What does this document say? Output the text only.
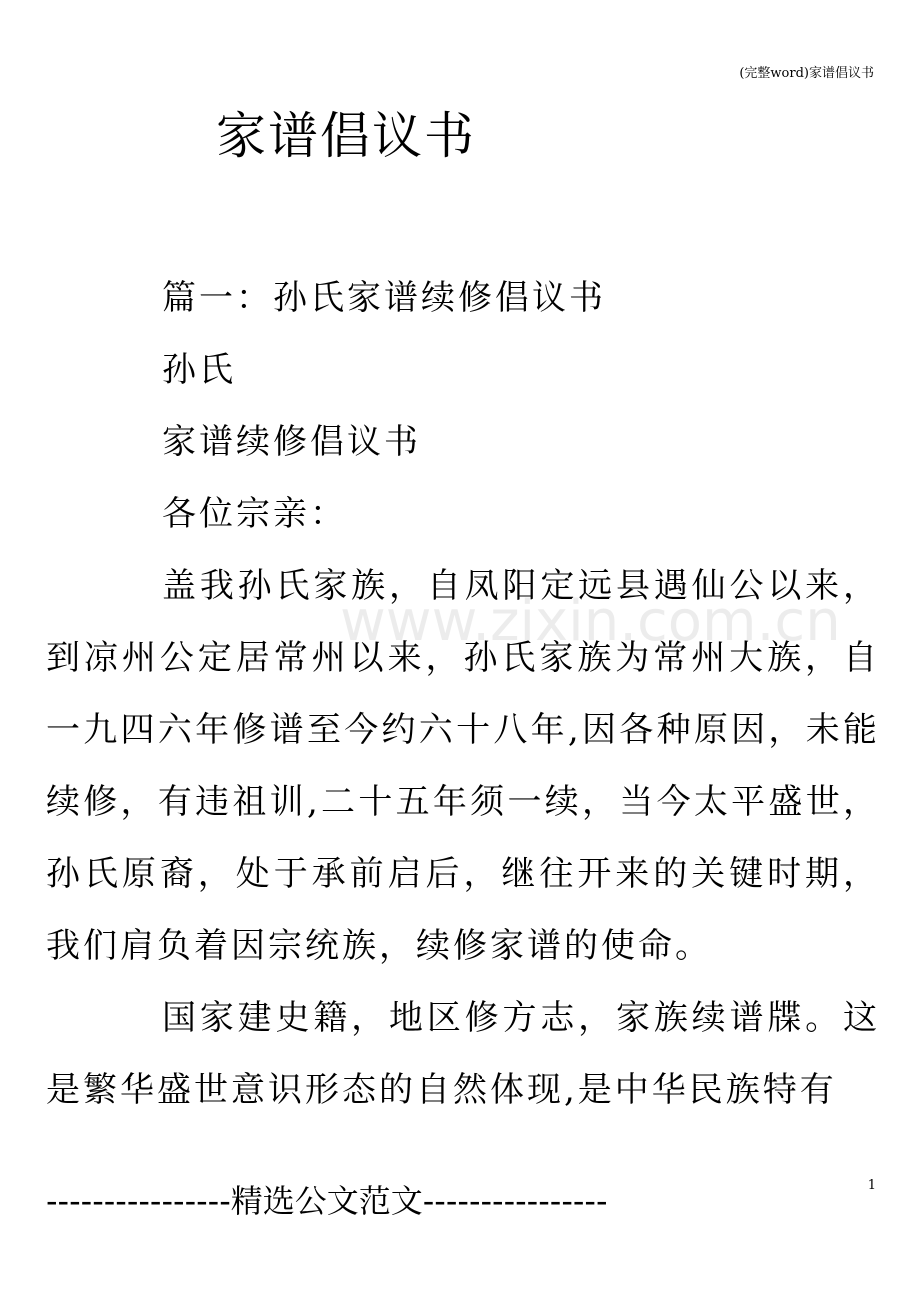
(完整word)家谱倡议书
家谱倡议书
www.zixin.com.cn

篇一：孙氏家谱续修倡议书

孙氏

家谱续修倡议书

各位宗亲：

盖我孙氏家族，自凤阳定远县遇仙公以来，到凉州公定居常州以来，孙氏家族为常州大族，自一九四六年修谱至今约六十八年,因各种原因，未能续修，有违祖训,二十五年须一续，当今太平盛世，孙氏原裔，处于承前启后，继往开来的关键时期，我们肩负着因宗统族，续修家谱的使命。

国家建史籍，地区修方志，家族续谱牒。这是繁华盛世意识形态的自然体现,是中华民族特有

1
----------------精选公文范文----------------
